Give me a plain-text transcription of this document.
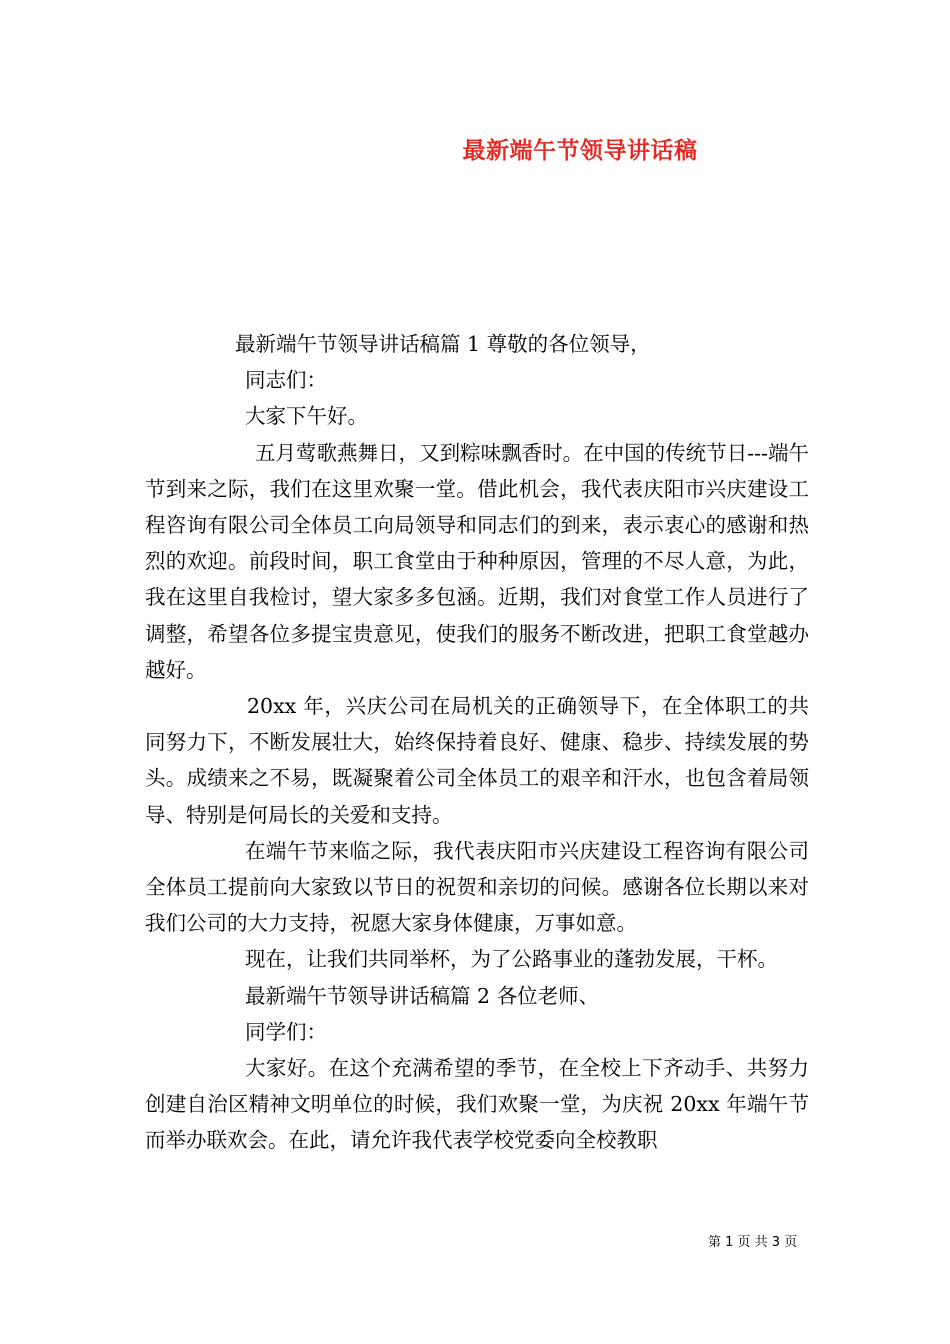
最新端午节领导讲话稿

最新端午节领导讲话稿篇 1 尊敬的各位领导，

同志们：

大家下午好。

五月莺歌燕舞日，又到粽味飘香时。在中国的传统节日---端午节到来之际，我们在这里欢聚一堂。借此机会，我代表庆阳市兴庆建设工程咨询有限公司全体员工向局领导和同志们的到来，表示衷心的感谢和热烈的欢迎。前段时间，职工食堂由于种种原因，管理的不尽人意，为此，我在这里自我检讨，望大家多多包涵。近期，我们对食堂工作人员进行了调整，希望各位多提宝贵意见，使我们的服务不断改进，把职工食堂越办越好。

20xx 年，兴庆公司在局机关的正确领导下，在全体职工的共同努力下，不断发展壮大，始终保持着良好、健康、稳步、持续发展的势头。成绩来之不易，既凝聚着公司全体员工的艰辛和汗水，也包含着局领导、特别是何局长的关爱和支持。

在端午节来临之际，我代表庆阳市兴庆建设工程咨询有限公司全体员工提前向大家致以节日的祝贺和亲切的问候。感谢各位长期以来对我们公司的大力支持，祝愿大家身体健康，万事如意。

现在，让我们共同举杯，为了公路事业的蓬勃发展，干杯。

最新端午节领导讲话稿篇 2 各位老师、

同学们：

大家好。在这个充满希望的季节，在全校上下齐动手、共努力创建自治区精神文明单位的时候，我们欢聚一堂，为庆祝 20xx 年端午节而举办联欢会。在此，请允许我代表学校党委向全校教职

第 1 页 共 3 页
